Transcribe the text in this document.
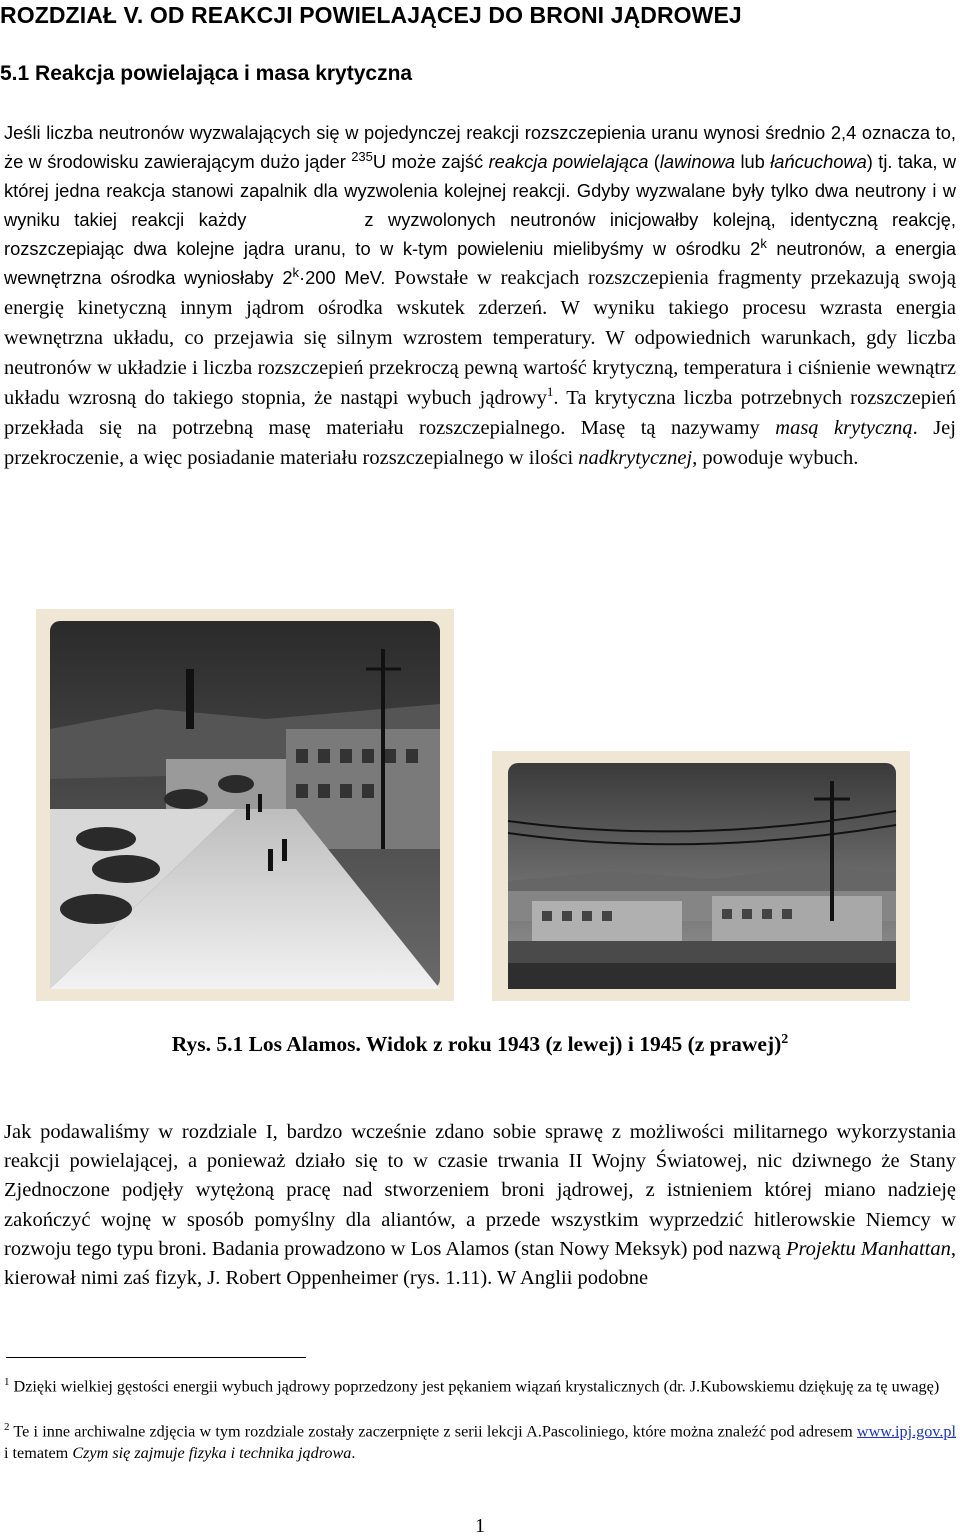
ROZDZIAŁ V. OD REAKCJI POWIELAJĄCEJ DO BRONI JĄDROWEJ
5.1 Reakcja powielająca i masa krytyczna
Jeśli liczba neutronów wyzwalających się w pojedynczej reakcji rozszczepienia uranu wynosi średnio 2,4 oznacza to, że w środowisku zawierającym dużo jąder $^{235}$U może zajść reakcja powielająca (lawinowa lub łańcuchowa) tj. taka, w której jedna reakcja stanowi zapalnik dla wyzwolenia kolejnej reakcji. Gdyby wyzwalane były tylko dwa neutrony i w wyniku takiej reakcji każdy	z wyzwolonych neutronów inicjowałby kolejną, identyczną reakcję, rozszczepiając dwa kolejne jądra uranu, to w k-tym powieleniu mielibyśmy w ośrodku 2$^k$ neutronów, a energia wewnętrzna ośrodka wyniosłaby $2^k\cdot 200$ MeV. Powstałe w reakcjach rozszczepienia fragmenty przekazują swoją energię kinetyczną innym jądrom ośrodka wskutek zderzeń. W wyniku takiego procesu wzrasta energia wewnętrzna układu, co przejawia się silnym wzrostem temperatury. W odpowiednich warunkach, gdy liczba neutronów w układzie i liczba rozszczepień przekroczą pewną wartość krytyczną, temperatura i ciśnienie wewnątrz układu wzrosną do takiego stopnia, że nastąpi wybuch jądrowy$^1$. Ta krytyczna liczba potrzebnych rozszczepień przekłada się na potrzebną masę materiału rozszczepialnego. Masę tą nazywamy masą krytyczną. Jej przekroczenie, a więc posiadanie materiału rozszczepialnego w ilości nadkrytycznej, powoduje wybuch.
Rys. 5.1 Los Alamos. Widok z roku 1943 (z lewej) i 1945 (z prawej)$^2$
Jak podawaliśmy w rozdziale I, bardzo wcześnie zdano sobie sprawę z możliwości militarnego wykorzystania reakcji powielającej, a ponieważ działo się to w czasie trwania II Wojny Światowej, nic dziwnego że Stany Zjednoczone podjęły wytężoną pracę nad stworzeniem broni jądrowej, z istnieniem której miano nadzieję zakończyć wojnę w sposób pomyślny dla aliantów, a przede wszystkim wyprzedzić hitlerowskie Niemcy w rozwoju tego typu broni. Badania prowadzono w Los Alamos (stan Nowy Meksyk) pod nazwą Projektu Manhattan, kierował nimi zaś fizyk, J. Robert Oppenheimer (rys. 1.11). W Anglii podobne
$^1$ Dzięki wielkiej gęstości energii wybuch jądrowy poprzedzony jest pękaniem wiązań krystalicznych (dr. J.Kubowskiemu dziękuję za tę uwagę)
$^2$ Te i inne archiwalne zdjęcia w tym rozdziale zostały zaczerpnięte z serii lekcji A.Pascoliniego, które można znaleźć pod adresem www.ipj.gov.pl i tematem Czym się zajmuje fizyka i technika jądrowa.
1
